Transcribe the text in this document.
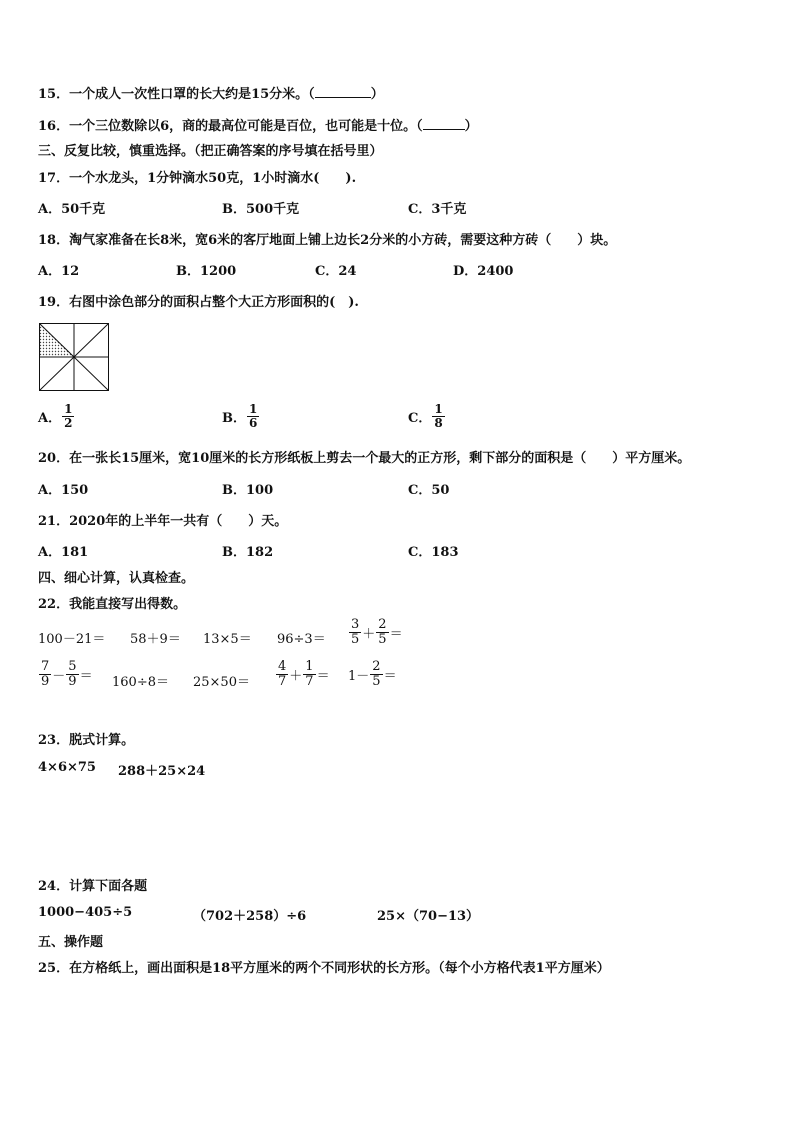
15．一个成人一次性口罩的长大约是15分米。（	）
16．一个三位数除以6，商的最高位可能是百位，也可能是十位。（	）
三、反复比较，慎重选择。（把正确答案的序号填在括号里）
17．一个水龙头，1分钟滴水50克，1小时滴水(　　).
A．50千克	B．500千克	C．3千克
18．淘气家准备在长8米，宽6米的客厅地面上铺上边长2分米的小方砖，需要这种方砖（　　）块。
A．12	B．1200	C．24	D．2400
19．右图中涂色部分的面积占整个大正方形面积的(　).
A． $\frac{1}{2}$	B． $\frac{1}{6}$	C． $\frac{1}{8}$
20．在一张长15厘米，宽10厘米的长方形纸板上剪去一个最大的正方形，剩下部分的面积是（　　）平方厘米。
A．150	B．100	C．50
21．2020年的上半年一共有（　　）天。
A．181	B．182	C．183
四、细心计算，认真检查。
22．我能直接写出得数。
$100-21= 58+9= 13\times 5= 96\div 3= \frac{3}{5} + \frac{2}{5}$ ＝
$\frac{7}{9} - \frac{5}{9} = 160\div 8= 25\times 50= \frac{4}{7} + \frac{1}{7} = 1- \frac{2}{5}$ ＝
23．脱式计算。
4×6×75 288＋25×24
24．计算下面各题
1000−405÷5	（702＋258）÷6	25×（70−13）
五、操作题
25．在方格纸上，画出面积是18平方厘米的两个不同形状的长方形。（每个小方格代表1平方厘米）
